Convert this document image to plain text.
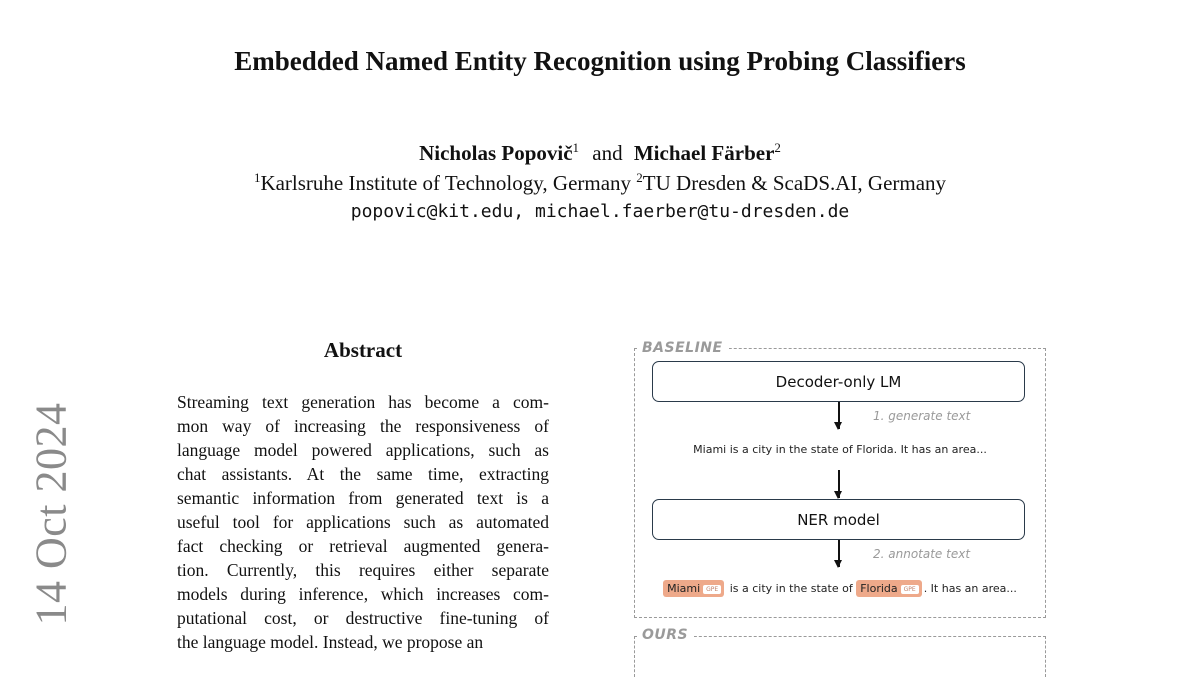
14 Oct 2024
Embedded Named Entity Recognition using Probing Classifiers
Nicholas Popovič$^1$ and Michael Färber$^2$
$^1$Karlsruhe Institute of Technology, Germany $^2$TU Dresden & ScaDS.AI, Germany
popovic@kit.edu, michael.faerber@tu-dresden.de
Abstract
Streaming text generation has become a com-
mon way of increasing the responsiveness of
language model powered applications, such as
chat assistants. At the same time, extracting
semantic information from generated text is a
useful tool for applications such as automated
fact checking or retrieval augmented genera-
tion. Currently, this requires either separate
models during inference, which increases com-
putational cost, or destructive fine-tuning of
the language model. Instead, we propose an
BASELINE
Decoder-only LM
1. generate text
Miami is a city in the state of Florida. It has an area...
NER model
2. annotate text
Miami GPE is a city in the state of Florida GPE . It has an area...
OURS
